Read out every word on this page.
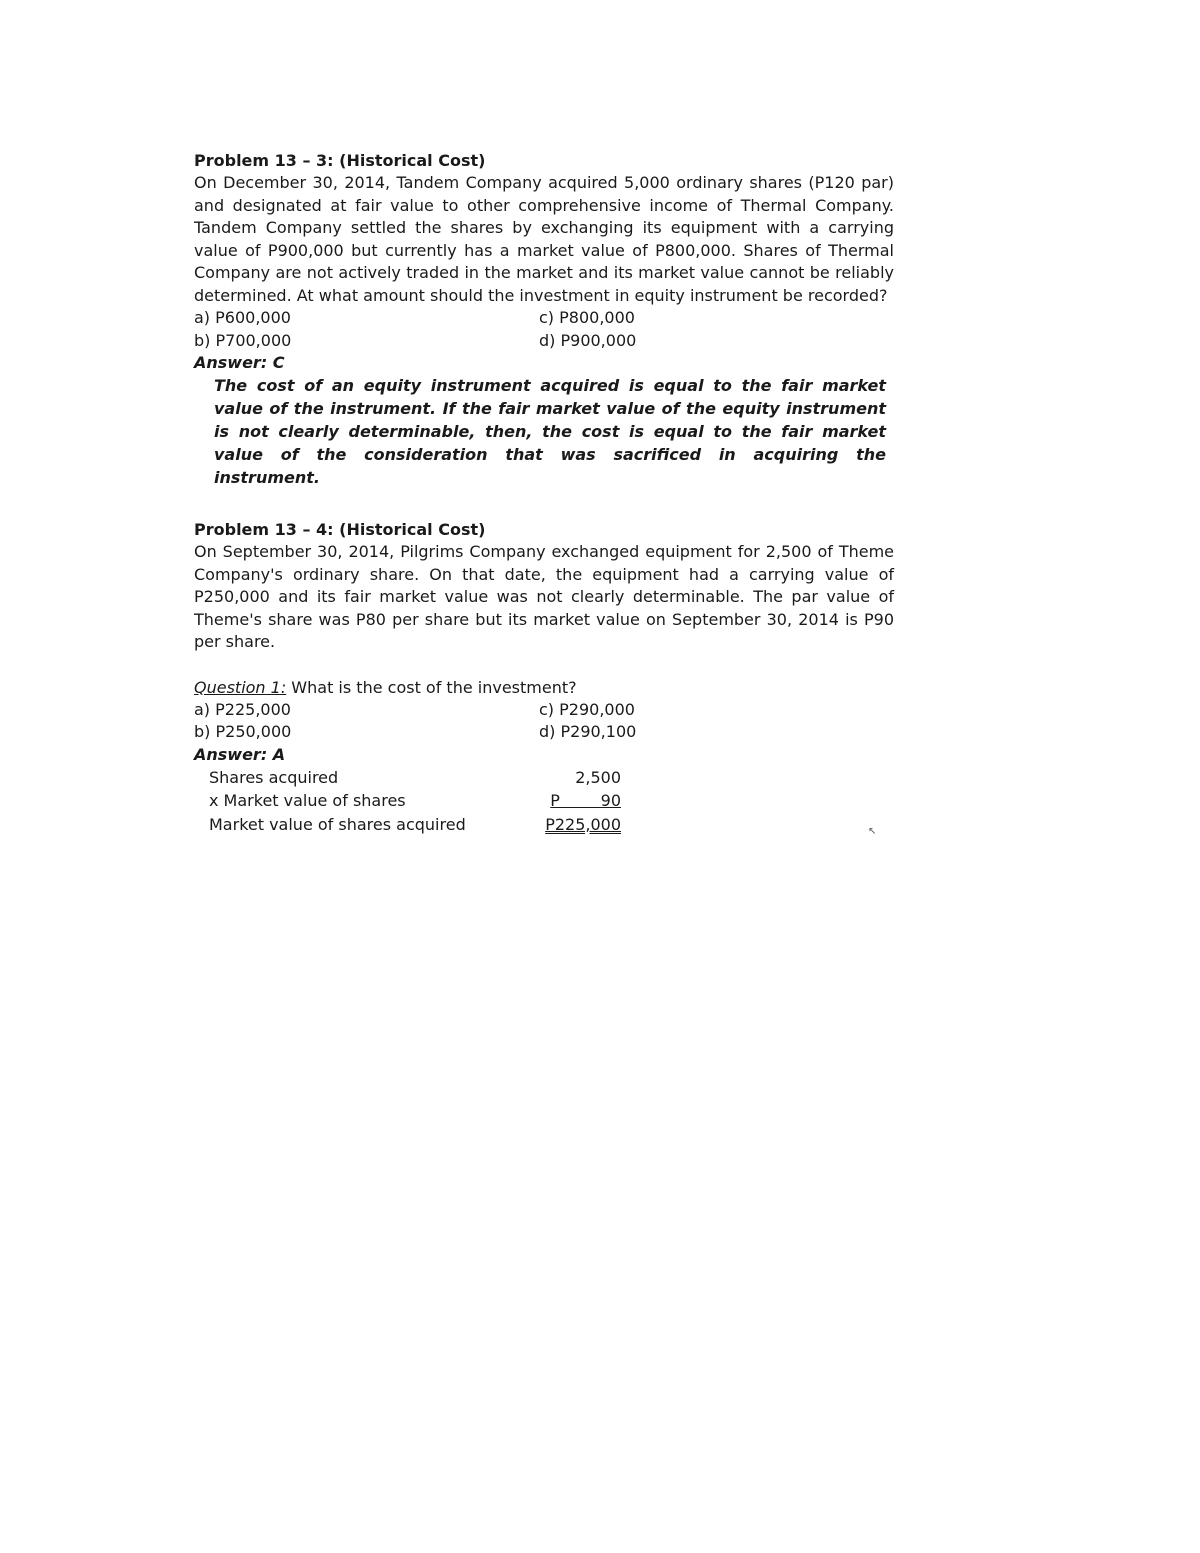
Problem 13 – 3: (Historical Cost)

On December 30, 2014, Tandem Company acquired 5,000 ordinary shares (P120 par) and designated at fair value to other comprehensive income of Thermal Company. Tandem Company settled the shares by exchanging its equipment with a carrying value of P900,000 but currently has a market value of P800,000. Shares of Thermal Company are not actively traded in the market and its market value cannot be reliably determined. At what amount should the investment in equity instrument be recorded?

a) P600,000	c) P800,000
b) P700,000	d) P900,000
Answer: C

The cost of an equity instrument acquired is equal to the fair market value of the instrument. If the fair market value of the equity instrument is not clearly determinable, then, the cost is equal to the fair market value of the consideration that was sacrificed in acquiring the instrument.

Problem 13 – 4: (Historical Cost)

On September 30, 2014, Pilgrims Company exchanged equipment for 2,500 of Theme Company's ordinary share. On that date, the equipment had a carrying value of P250,000 and its fair market value was not clearly determinable. The par value of Theme's share was P80 per share but its market value on September 30, 2014 is P90 per share.

Question 1: What is the cost of the investment?
a) P225,000	c) P290,000
b) P250,000	d) P290,100
Answer: A
Shares acquired	2,500
x Market value of shares	P        90
Market value of shares acquired	P225,000	↖
